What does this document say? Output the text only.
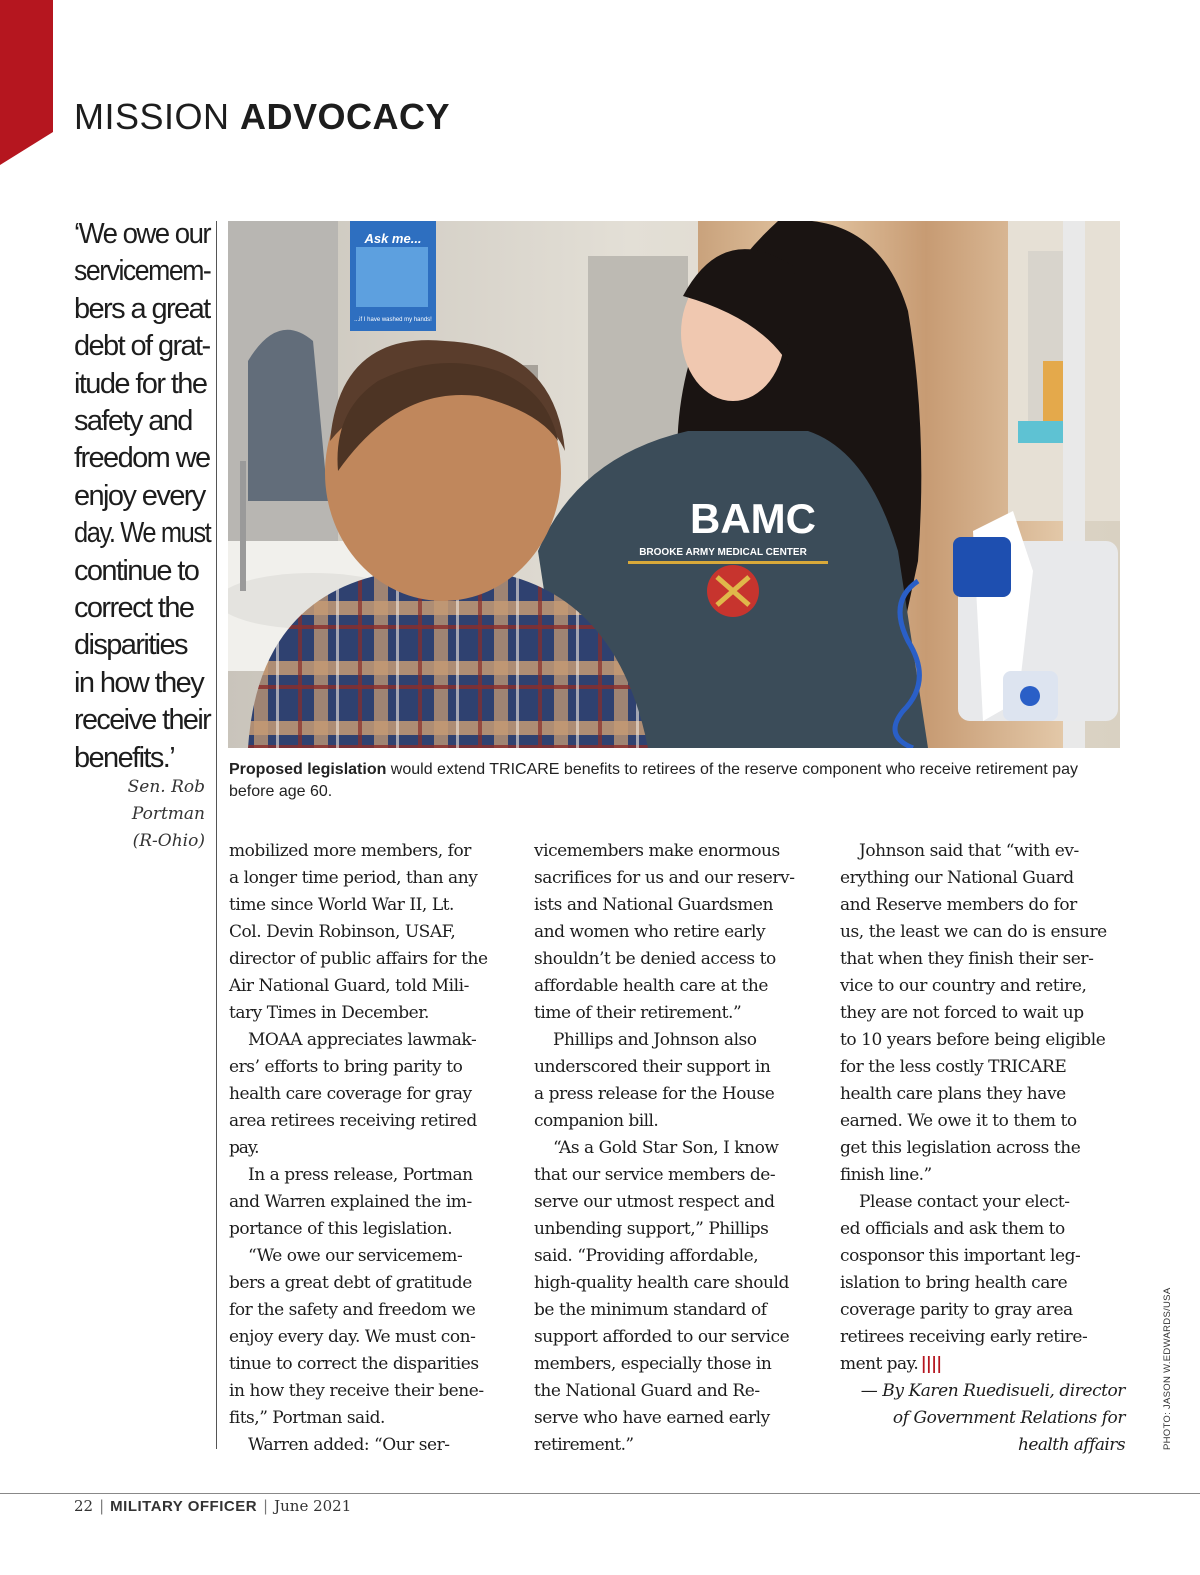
MISSION ADVOCACY
‘We owe our
servicemem-
bers a great
debt of grat-
itude for the
safety and
freedom we
enjoy every
day. We must
continue to
correct the
disparities
in how they
receive their
benefits.’
Sen. Rob
Portman
(R-Ohio)
Ask me...
...if I have washed my hands!
BAMC
BROOKE ARMY MEDICAL CENTER
Proposed legislation would extend TRICARE benefits to retirees of the reserve component who receive retirement pay before age 60.
mobilized more members, for
a longer time period, than any
time since World War II, Lt.
Col. Devin Robinson, USAF,
director of public affairs for the
Air National Guard, told Mili-
tary Times in December.
MOAA appreciates lawmak-
ers’ efforts to bring parity to
health care coverage for gray
area retirees receiving retired
pay.
In a press release, Portman
and Warren explained the im-
portance of this legislation.
“We owe our servicemem-
bers a great debt of gratitude
for the safety and freedom we
enjoy every day. We must con-
tinue to correct the disparities
in how they receive their bene-
fits,” Portman said.
Warren added: “Our ser-
vicemembers make enormous
sacrifices for us and our reserv-
ists and National Guardsmen
and women who retire early
shouldn’t be denied access to
affordable health care at the
time of their retirement.”
Phillips and Johnson also
underscored their support in
a press release for the House
companion bill.
“As a Gold Star Son, I know
that our service members de-
serve our utmost respect and
unbending support,” Phillips
said. “Providing affordable,
high-quality health care should
be the minimum standard of
support afforded to our service
members, especially those in
the National Guard and Re-
serve who have earned early
retirement.”
Johnson said that “with ev-
erything our National Guard
and Reserve members do for
us, the least we can do is ensure
that when they finish their ser-
vice to our country and retire,
they are not forced to wait up
to 10 years before being eligible
for the less costly TRICARE
health care plans they have
earned. We owe it to them to
get this legislation across the
finish line.”
Please contact your elect-
ed officials and ask them to
cosponsor this important leg-
islation to bring health care
coverage parity to gray area
retirees receiving early retire-
ment pay. ||||
— By Karen Ruedisueli, director
of Government Relations for
health affairs	PHOTO: JASON W.EDWARDS/USA
22 | MILITARY OFFICER | June 2021
